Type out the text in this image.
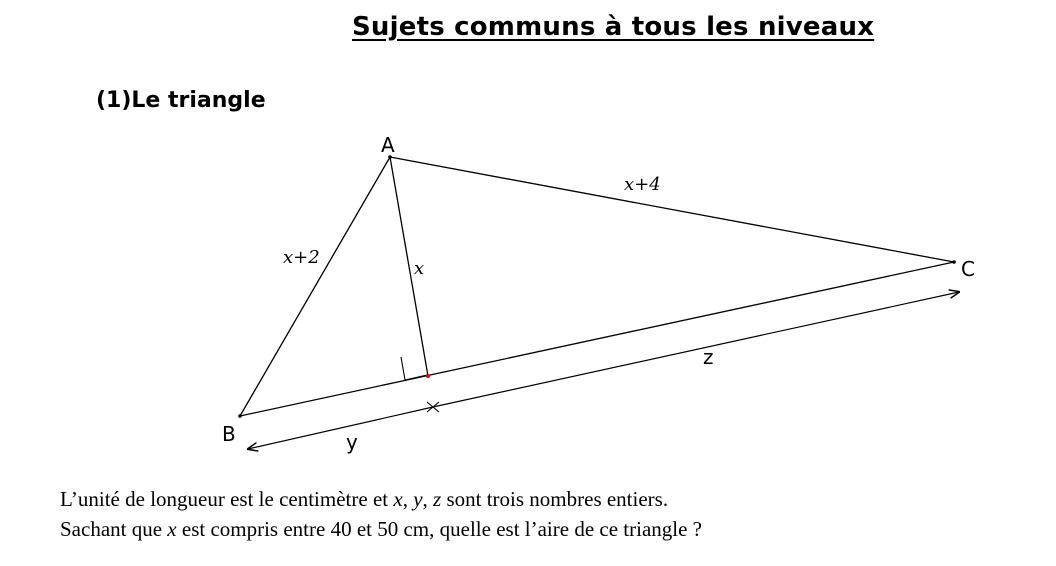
Sujets communs à tous les niveaux
(1)Le triangle
A
B
C
x+2
x+4
x
y
z
L’unité de longueur est le centimètre et x, y, z sont trois nombres entiers.
Sachant que x est compris entre 40 et 50 cm, quelle est l’aire de ce triangle ?
